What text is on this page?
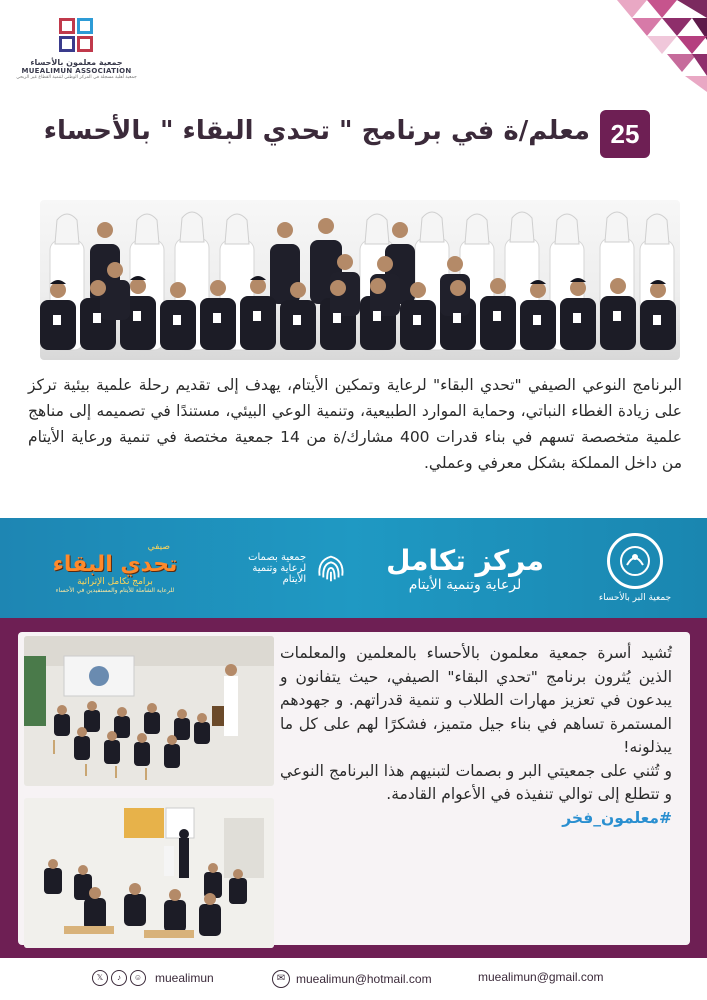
جمعية معلمون بالأحساء
MUEALIMUN ASSOCIATION
جمعية أهلية مسجلة في المركز الوطني لتنمية القطاع غير الربحي
25
معلم/ة في برنامج " تحدي البقاء " بالأحساء
البرنامج النوعي الصيفي "تحدي البقاء" لرعاية وتمكين الأيتام، يهدف إلى تقديم رحلة علمية بيئية تركز على زيادة الغطاء النباتي، وحماية الموارد الطبيعية، وتنمية الوعي البيئي، مستندًا في تصميمه إلى مناهج علمية متخصصة تسهم في بناء قدرات 400 مشارك/ة من 14 جمعية مختصة في تنمية ورعاية الأيتام من داخل المملكة بشكل معرفي وعملي.
صيفي
تحدي البقاء
برامج تكامل الإثرائية
للرعاية الشاملة للأيتام والمستفيدين في الأحساء
جمعية بصمات
لرعاية وتنمية الأيتام
مركز تكامل
لرعاية وتنمية الأيتام
جمعية البر بالأحساء

تُشيد أسرة جمعية معلمون بالأحساء بالمعلمين والمعلمات الذين يُثرون برنامج "تحدي البقاء" الصيفي، حيث يتفانون و يبدعون في تعزيز مهارات الطلاب و تنمية قدراتهم. و جهودهم المستمرة تساهم في بناء جيل متميز، فشكرًا لهم على كل ما يبذلونه!

و تُثني على جمعيتي البر و بصمات لتبنيهم هذا البرنامج النوعي و تتطلع إلى توالي تنفيذه في الأعوام القادمة.

#معلمون_فخر

𝕏	♪	☺	muealimun	✉ muealimun@hotmail.com	muealimun@gmail.com
